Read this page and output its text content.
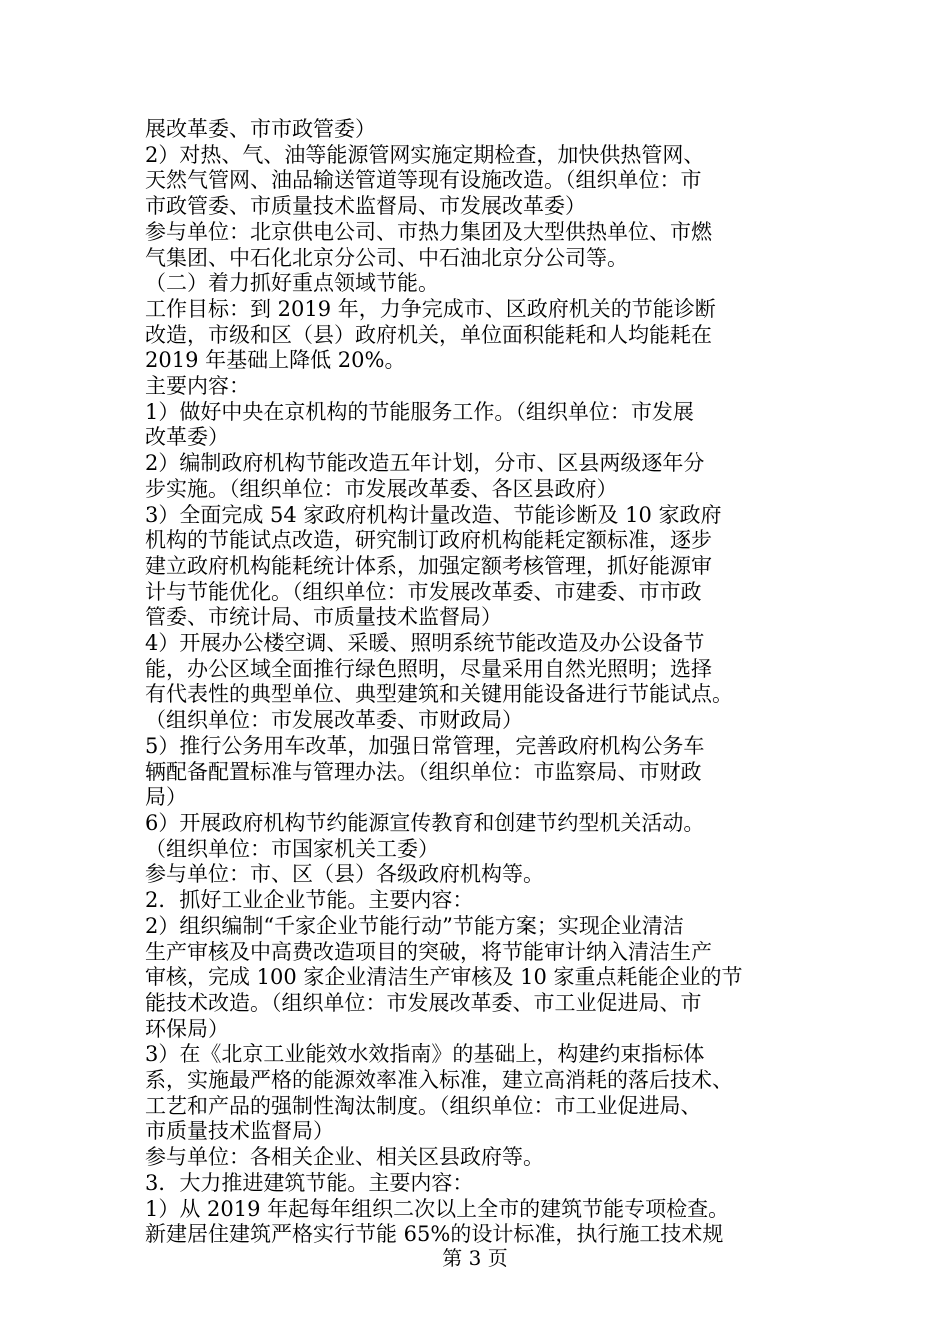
展改革委、市市政管委）

2）对热、气、油等能源管网实施定期检查，加快供热管网、

天然气管网、油品输送管道等现有设施改造。（组织单位：市

市政管委、市质量技术监督局、市发展改革委）

参与单位：北京供电公司、市热力集团及大型供热单位、市燃

气集团、中石化北京分公司、中石油北京分公司等。

（二）着力抓好重点领域节能。

工作目标：到 2019 年，力争完成市、区政府机关的节能诊断

改造，市级和区（县）政府机关，单位面积能耗和人均能耗在

2019 年基础上降低 20%。

主要内容：

1）做好中央在京机构的节能服务工作。（组织单位：市发展

改革委）

2）编制政府机构节能改造五年计划，分市、区县两级逐年分

步实施。（组织单位：市发展改革委、各区县政府）

3）全面完成 54 家政府机构计量改造、节能诊断及 10 家政府

机构的节能试点改造，研究制订政府机构能耗定额标准，逐步

建立政府机构能耗统计体系，加强定额考核管理，抓好能源审

计与节能优化。（组织单位：市发展改革委、市建委、市市政

管委、市统计局、市质量技术监督局）

4）开展办公楼空调、采暖、照明系统节能改造及办公设备节

能，办公区域全面推行绿色照明，尽量采用自然光照明；选择

有代表性的典型单位、典型建筑和关键用能设备进行节能试点。

（组织单位：市发展改革委、市财政局）

5）推行公务用车改革，加强日常管理，完善政府机构公务车

辆配备配置标准与管理办法。（组织单位：市监察局、市财政

局）

6）开展政府机构节约能源宣传教育和创建节约型机关活动。

（组织单位：市国家机关工委）

参与单位：市、区（县）各级政府机构等。

2．抓好工业企业节能。主要内容：

2）组织编制“千家企业节能行动”节能方案；实现企业清洁

生产审核及中高费改造项目的突破，将节能审计纳入清洁生产

审核，完成 100 家企业清洁生产审核及 10 家重点耗能企业的节

能技术改造。（组织单位：市发展改革委、市工业促进局、市

环保局）

3）在《北京工业能效水效指南》的基础上，构建约束指标体

系，实施最严格的能源效率准入标准，建立高消耗的落后技术、

工艺和产品的强制性淘汰制度。（组织单位：市工业促进局、

市质量技术监督局）

参与单位：各相关企业、相关区县政府等。

3．大力推进建筑节能。主要内容：

1）从 2019 年起每年组织二次以上全市的建筑节能专项检查。

新建居住建筑严格实行节能 65%的设计标准，执行施工技术规

第 3 页
